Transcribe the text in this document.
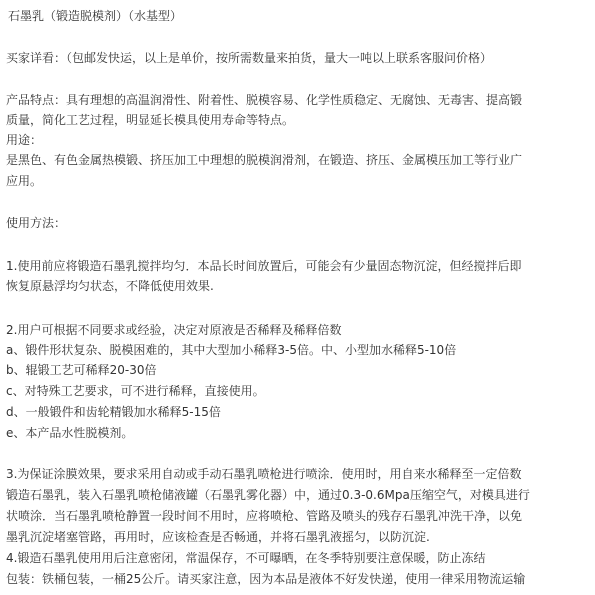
石墨乳（锻造脱模剂）（水基型）
买家详看：（包邮发快运，以上是单价，按所需数量来拍货，量大一吨以上联系客服问价格）
产品特点：具有理想的高温润滑性、附着性、脱模容易、化学性质稳定、无腐蚀、无毒害、提高锻
质量，简化工艺过程，明显延长模具使用寿命等特点。
用途：
是黑色、有色金属热模锻、挤压加工中理想的脱模润滑剂，在锻造、挤压、金属模压加工等行业广
应用。
使用方法：
1.使用前应将锻造石墨乳搅拌均匀．本品长时间放置后，可能会有少量固态物沉淀，但经搅拌后即
恢复原悬浮均匀状态，不降低使用效果.
2.用户可根据不同要求或经验，决定对原液是否稀释及稀释倍数
a、锻件形状复杂、脱模困难的，其中大型加小稀释3-5倍。中、小型加水稀释5-10倍
b、辊锻工艺可稀释20-30倍
c、对特殊工艺要求，可不进行稀释，直接使用。
d、一般锻件和齿轮精锻加水稀释5-15倍
e、本产品水性脱模剂。
3.为保证涂膜效果，要求采用自动或手动石墨乳喷枪进行喷涂．使用时，用自来水稀释至一定倍数
锻造石墨乳，装入石墨乳喷枪储液罐（石墨乳雾化器）中，通过0.3-0.6Mpa压缩空气，对模具进行
状喷涂．当石墨乳喷枪静置一段时间不用时，应将喷枪、管路及喷头的残存石墨乳冲洗干净，以免
墨乳沉淀堵塞管路，再用时，应该检查是否畅通，并将石墨乳液摇匀，以防沉淀.
4.锻造石墨乳使用用后注意密闭，常温保存，不可曝晒，在冬季特别要注意保暖，防止冻结
包装：铁桶包装，一桶25公斤。请买家注意，因为本品是液体不好发快递，使用一律采用物流运输
